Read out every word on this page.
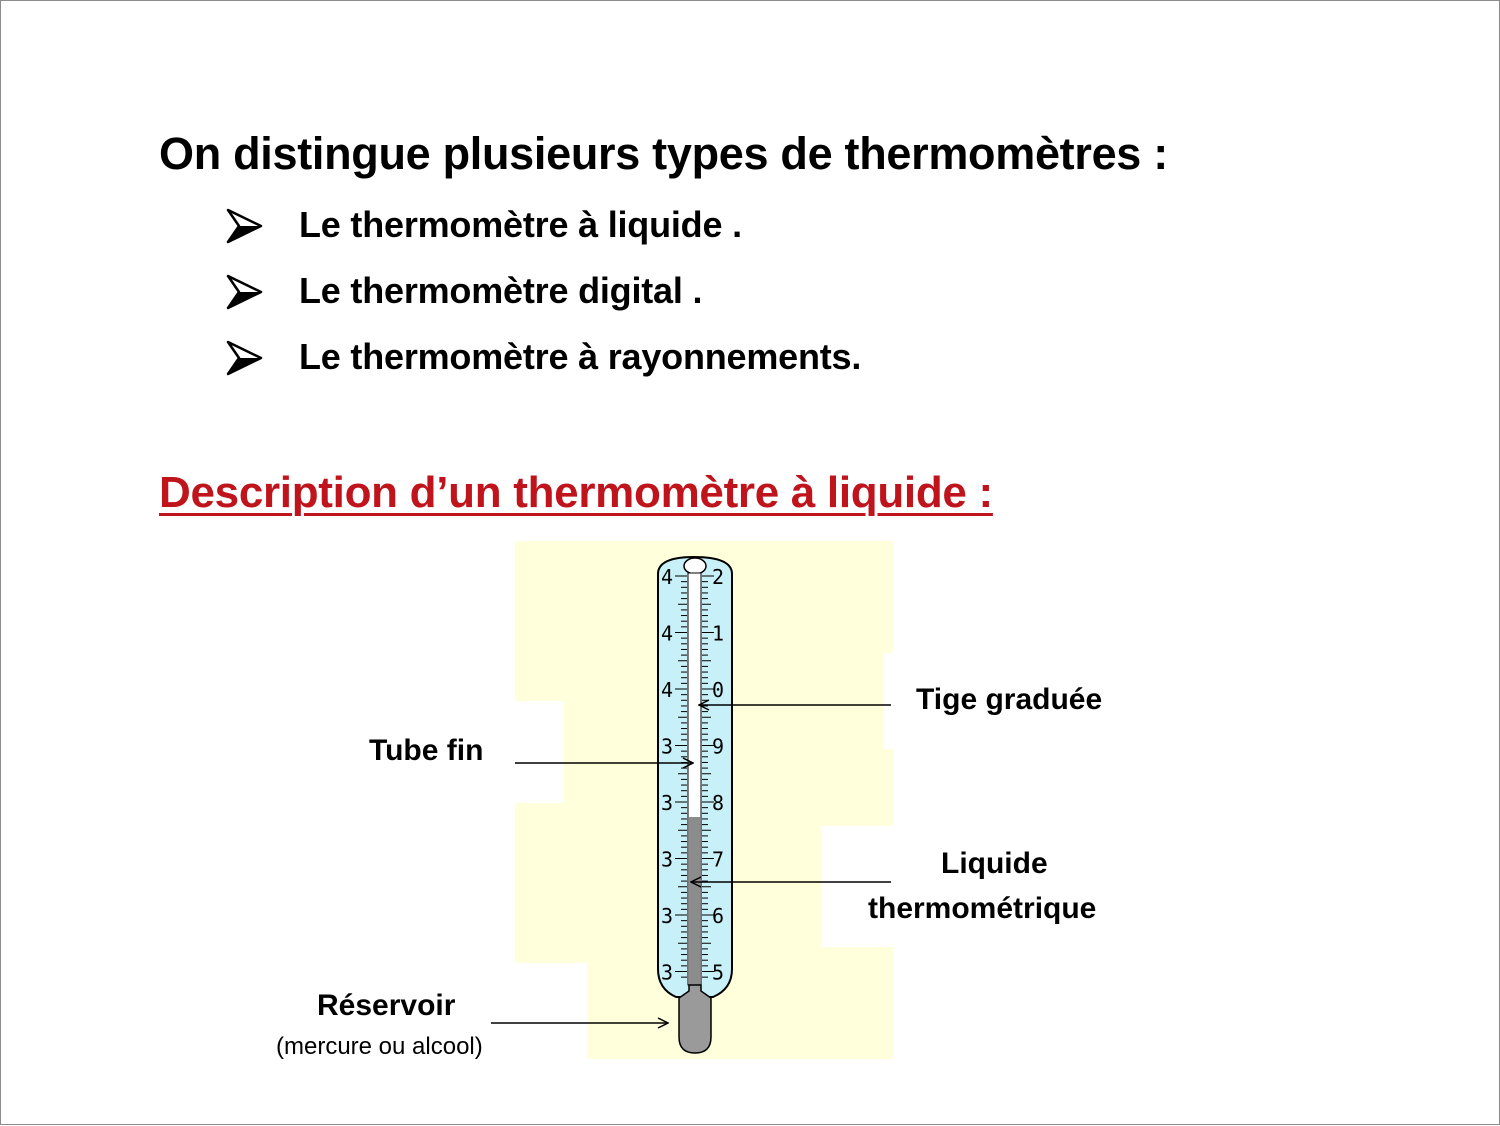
On distingue plusieurs types de thermomètres :
Le thermomètre à liquide .
Le thermomètre digital .
Le thermomètre à rayonnements.
Description d’un thermomètre à liquide :
4 2
4 1
4 0
3 9
3 8
3 7
3 6
3 5
Tige graduée
Tube fin
Liquide
thermométrique
Réservoir
(mercure ou alcool)
